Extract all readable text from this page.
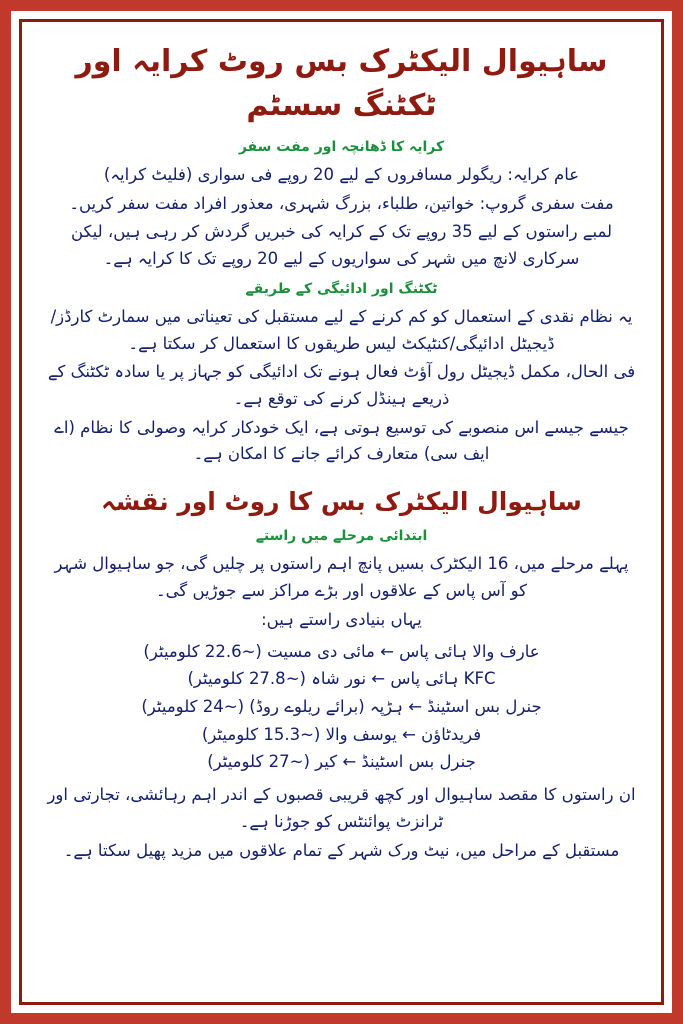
ساہیوال الیکٹرک بس روٹ کرایہ اور ٹکٹنگ سسٹم
کرایہ کا ڈھانچہ اور مفت سفر

عام کرایہ: ریگولر مسافروں کے لیے 20 روپے فی سواری (فلیٹ کرایہ)

مفت سفری گروپ: خواتین، طلباء، بزرگ شہری، معذور افراد مفت سفر کریں۔

لمبے راستوں کے لیے 35 روپے تک کے کرایہ کی خبریں گردش کر رہی ہیں، لیکن سرکاری لانچ میں شہر کی سواریوں کے لیے 20 روپے تک کا کرایہ ہے۔

ٹکٹنگ اور ادائیگی کے طریقے

یہ نظام نقدی کے استعمال کو کم کرنے کے لیے مستقبل کی تعیناتی میں سمارٹ کارڈز/ڈیجیٹل ادائیگی/کنٹیکٹ لیس طریقوں کا استعمال کر سکتا ہے۔

فی الحال، مکمل ڈیجیٹل رول آؤٹ فعال ہونے تک ادائیگی کو جہاز پر یا سادہ ٹکٹنگ کے ذریعے ہینڈل کرنے کی توقع ہے۔

جیسے جیسے اس منصوبے کی توسیع ہوتی ہے، ایک خودکار کرایہ وصولی کا نظام (اے ایف سی) متعارف کرائے جانے کا امکان ہے۔

ساہیوال الیکٹرک بس کا روٹ اور نقشہ
ابتدائی مرحلے میں راستے

پہلے مرحلے میں، 16 الیکٹرک بسیں پانچ اہم راستوں پر چلیں گی، جو ساہیوال شہر کو آس پاس کے علاقوں اور بڑے مراکز سے جوڑیں گی۔

یہاں بنیادی راستے ہیں:

عارف والا ہائی پاس ← مائی دی مسیت (~22.6 کلومیٹر)

KFC ہائی پاس ← نور شاہ (~27.8 کلومیٹر)

جنرل بس اسٹینڈ ← ہڑپہ (برائے ریلوے روڈ) (~24 کلومیٹر)

فریدٹاؤن ← یوسف والا (~15.3 کلومیٹر)

جنرل بس اسٹینڈ ← کیر (~27 کلومیٹر)

ان راستوں کا مقصد ساہیوال اور کچھ قریبی قصبوں کے اندر اہم رہائشی، تجارتی اور ٹرانزٹ پوائنٹس کو جوڑنا ہے۔

مستقبل کے مراحل میں، نیٹ ورک شہر کے تمام علاقوں میں مزید پھیل سکتا ہے۔
